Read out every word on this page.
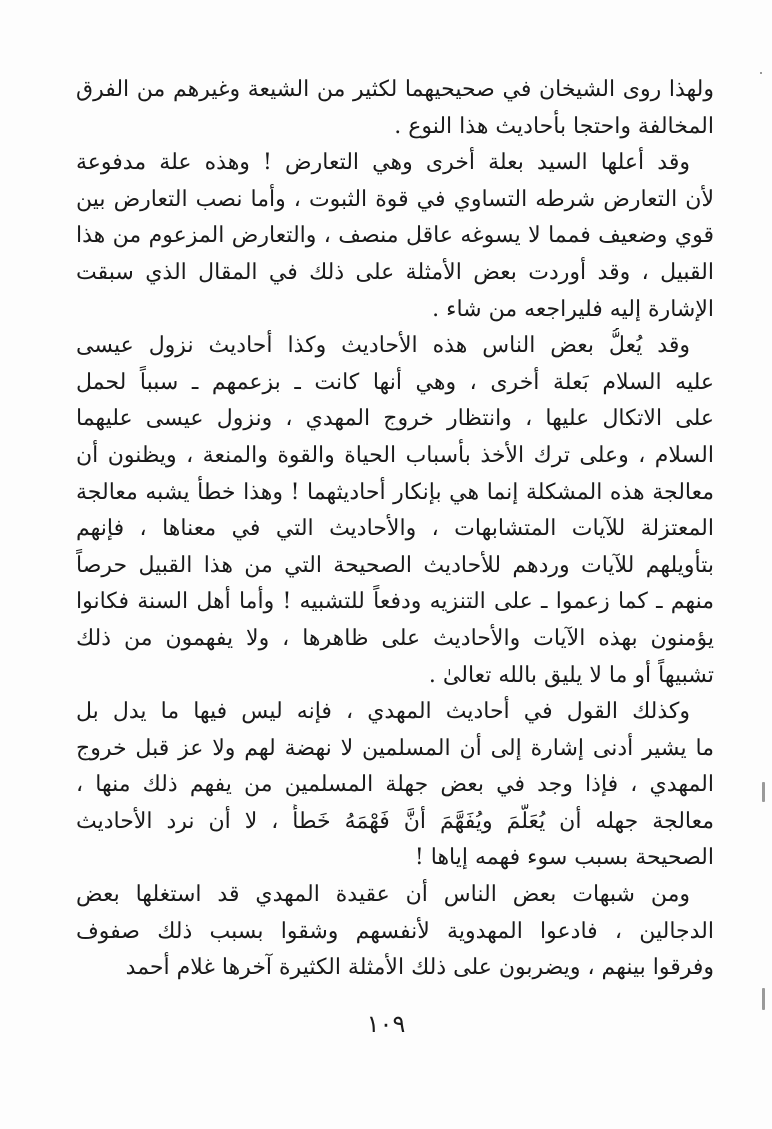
ولهذا روى الشيخان في صحيحيهما لكثير من الشيعة وغيرهم من الفرق
المخالفة واحتجا بأحاديث هذا النوع .
وقد أعلها السيد بعلة أخرى وهي التعارض ! وهذه علة مدفوعة
لأن التعارض شرطه التساوي في قوة الثبوت ، وأما نصب التعارض بين
قوي وضعيف فمما لا يسوغه عاقل منصف ، والتعارض المزعوم من هذا
القبيل ، وقد أوردت بعض الأمثلة على ذلك في المقال الذي سبقت
الإشارة إليه فليراجعه من شاء .
وقد يُعلُّ بعض الناس هذه الأحاديث وكذا أحاديث نزول عيسى
عليه السلام بَعلة أخرى ، وهي أنها كانت ـ بزعمهم ـ سبباً لحمل
على الاتكال عليها ، وانتظار خروج المهدي ، ونزول عيسى عليهما
السلام ، وعلى ترك الأخذ بأسباب الحياة والقوة والمنعة ، ويظنون أن
معالجة هذه المشكلة إنما هي بإنكار أحاديثهما ! وهذا خطأ يشبه معالجة
المعتزلة للآيات المتشابهات ، والأحاديث التي في معناها ، فإنهم
بتأويلهم للآيات وردهم للأحاديث الصحيحة التي من هذا القبيل حرصاً
منهم ـ كما زعموا ـ على التنزيه ودفعاً للتشبيه ! وأما أهل السنة فكانوا
يؤمنون بهذه الآيات والأحاديث على ظاهرها ، ولا يفهمون من ذلك
تشبيهاً أو ما لا يليق بالله تعالىٰ .
وكذلك القول في أحاديث المهدي ، فإنه ليس فيها ما يدل بل
ما يشير أدنى إشارة إلى أن المسلمين لا نهضة لهم ولا عز قبل خروج
المهدي ، فإذا وجد في بعض جهلة المسلمين من يفهم ذلك منها ،
معالجة جهله أن يُعَلَّمَ ويُفَهَّمَ أنَّ فَهْمَهُ خَطأٌ ، لا أن نرد الأحاديث
الصحيحة بسبب سوء فهمه إياها !
ومن شبهات بعض الناس أن عقيدة المهدي قد استغلها بعض
الدجالين ، فادعوا المهدوية لأنفسهم وشقوا بسبب ذلك صفوف
وفرقوا بينهم ، ويضربون على ذلك الأمثلة الكثيرة آخرها غلام أحمد
١٠٩
